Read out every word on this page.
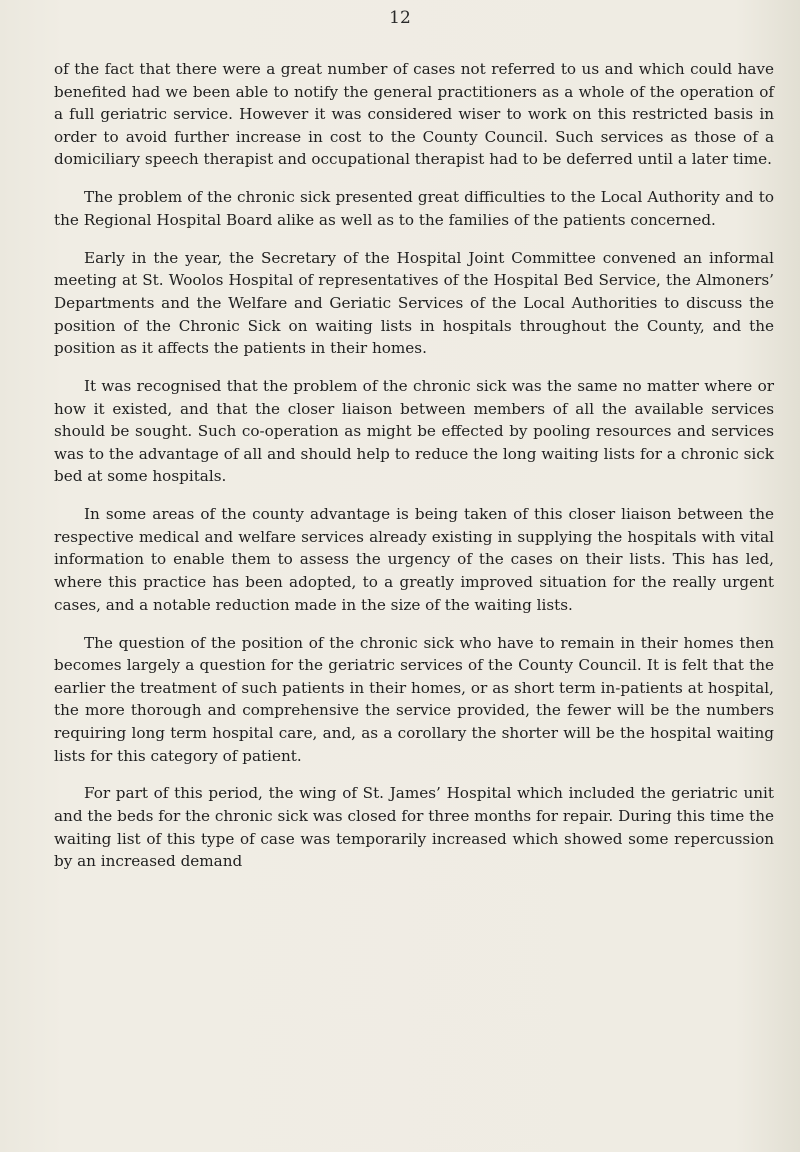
12

of the fact that there were a great number of cases not referred to us and which could have benefited had we been able to notify the general practitioners as a whole of the operation of a full geriatric service. However it was considered wiser to work on this restricted basis in order to avoid further increase in cost to the County Council. Such services as those of a domiciliary speech therapist and occupational therapist had to be deferred until a later time.

The problem of the chronic sick presented great difficulties to the Local Authority and to the Regional Hospital Board alike as well as to the families of the patients concerned.

Early in the year, the Secretary of the Hospital Joint Committee convened an informal meeting at St. Woolos Hospital of representatives of the Hospital Bed Service, the Almoners’ Departments and the Welfare and Geriatic Services of the Local Authorities to discuss the position of the Chronic Sick on waiting lists in hospitals throughout the County, and the position as it affects the patients in their homes.

It was recognised that the problem of the chronic sick was the same no matter where or how it existed, and that the closer liaison between members of all the available services should be sought. Such co-operation as might be effected by pooling resources and services was to the advantage of all and should help to reduce the long waiting lists for a chronic sick bed at some hospitals.

In some areas of the county advantage is being taken of this closer liaison between the respective medical and welfare services already existing in supplying the hospitals with vital information to enable them to assess the urgency of the cases on their lists. This has led, where this practice has been adopted, to a greatly improved situation for the really urgent cases, and a notable reduction made in the size of the waiting lists.

The question of the position of the chronic sick who have to remain in their homes then becomes largely a question for the geriatric services of the County Council. It is felt that the earlier the treatment of such patients in their homes, or as short term in-patients at hospital, the more thorough and comprehensive the service provided, the fewer will be the numbers requiring long term hospital care, and, as a corollary the shorter will be the hospital waiting lists for this category of patient.

For part of this period, the wing of St. James’ Hospital which included the geriatric unit and the beds for the chronic sick was closed for three months for repair. During this time the waiting list of this type of case was temporarily increased which showed some repercussion by an increased demand
